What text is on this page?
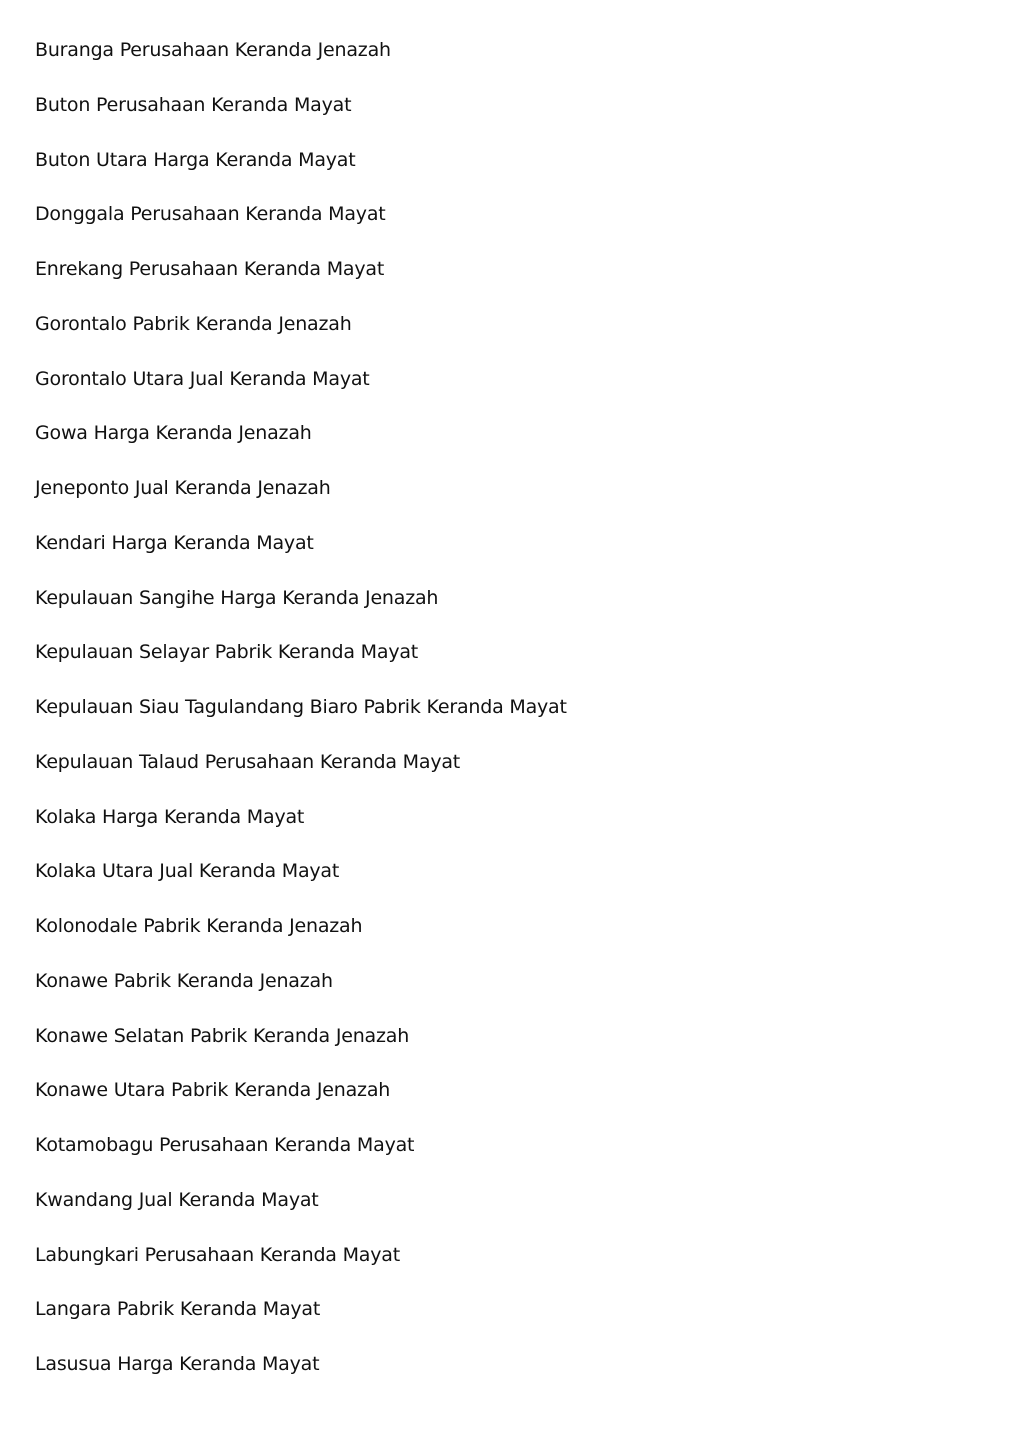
Buranga Perusahaan Keranda Jenazah
Buton Perusahaan Keranda Mayat
Buton Utara Harga Keranda Mayat
Donggala Perusahaan Keranda Mayat
Enrekang Perusahaan Keranda Mayat
Gorontalo Pabrik Keranda Jenazah
Gorontalo Utara Jual Keranda Mayat
Gowa Harga Keranda Jenazah
Jeneponto Jual Keranda Jenazah
Kendari Harga Keranda Mayat
Kepulauan Sangihe Harga Keranda Jenazah
Kepulauan Selayar Pabrik Keranda Mayat
Kepulauan Siau Tagulandang Biaro Pabrik Keranda Mayat
Kepulauan Talaud Perusahaan Keranda Mayat
Kolaka Harga Keranda Mayat
Kolaka Utara Jual Keranda Mayat
Kolonodale Pabrik Keranda Jenazah
Konawe Pabrik Keranda Jenazah
Konawe Selatan Pabrik Keranda Jenazah
Konawe Utara Pabrik Keranda Jenazah
Kotamobagu Perusahaan Keranda Mayat
Kwandang Jual Keranda Mayat
Labungkari Perusahaan Keranda Mayat
Langara Pabrik Keranda Mayat
Lasusua Harga Keranda Mayat
